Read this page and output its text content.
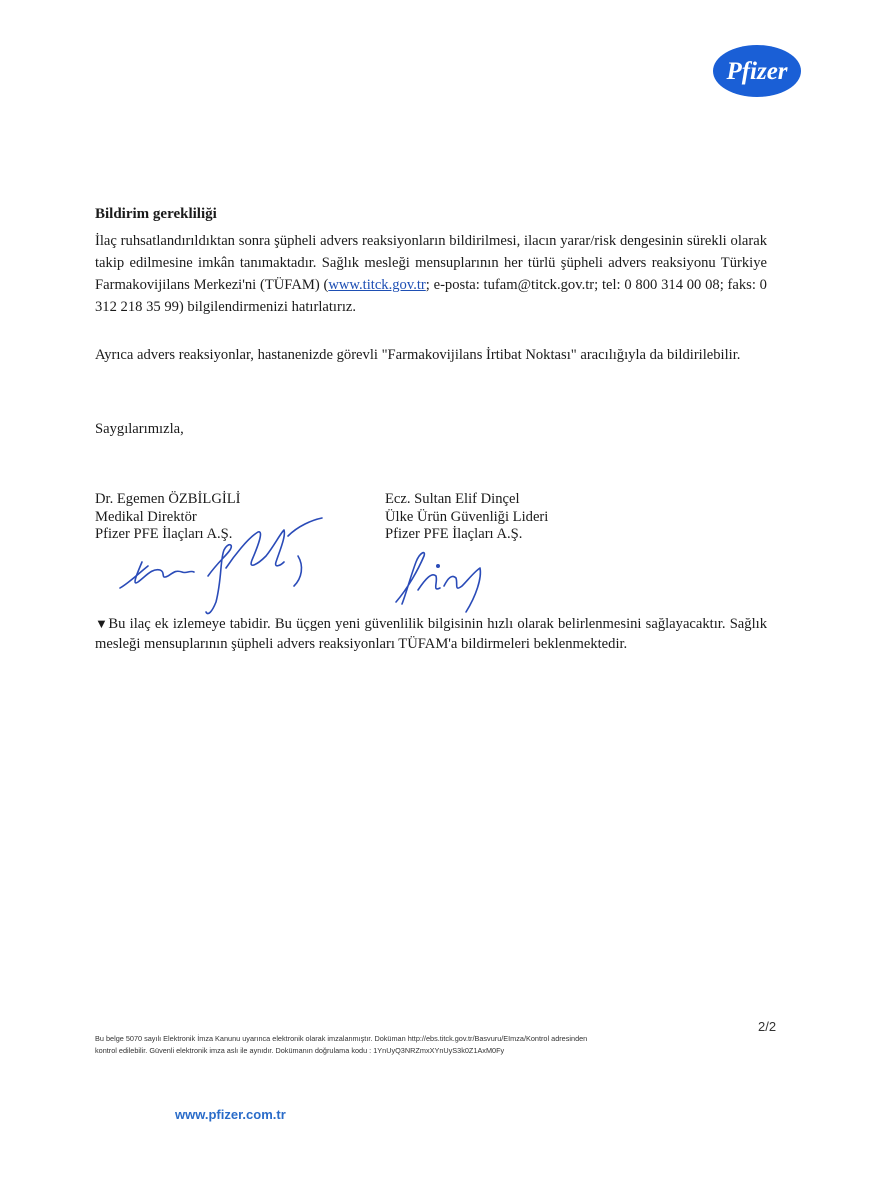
Pfizer
Bildirim gerekliliği
İlaç ruhsatlandırıldıktan sonra şüpheli advers reaksiyonların bildirilmesi, ilacın yarar/risk dengesinin sürekli olarak takip edilmesine imkân tanımaktadır. Sağlık mesleği mensuplarının her türlü şüpheli advers reaksiyonu Türkiye Farmakovijilans Merkezi'ni (TÜFAM) (www.titck.gov.tr; e-posta: tufam@titck.gov.tr; tel: 0 800 314 00 08; faks: 0 312 218 35 99) bilgilendirmenizi hatırlatırız.
Ayrıca advers reaksiyonlar, hastanenizde görevli "Farmakovijilans İrtibat Noktası" aracılığıyla da bildirilebilir.
Saygılarımızla,
Dr. Egemen ÖZBİLGİLİ
Medikal Direktör
Pfizer PFE İlaçları A.Ş.
Ecz. Sultan Elif Dinçel
Ülke Ürün Güvenliği Lideri
Pfizer PFE İlaçları A.Ş.
▼Bu ilaç ek izlemeye tabidir. Bu üçgen yeni güvenlilik bilgisinin hızlı olarak belirlenmesini sağlayacaktır. Sağlık mesleği mensuplarının şüpheli advers reaksiyonları TÜFAM'a bildirmeleri beklenmektedir.
2/2
Bu belge 5070 sayılı Elektronik İmza Kanunu uyarınca elektronik olarak imzalanmıştır. Doküman http://ebs.titck.gov.tr/Basvuru/EImza/Kontrol adresinden
kontrol edilebilir. Güvenli elektronik imza aslı ile aynıdır. Dokümanın doğrulama kodu : 1YnUyQ3NRZmxXYnUyS3k0Z1AxM0Fy
www.pfizer.com.tr
